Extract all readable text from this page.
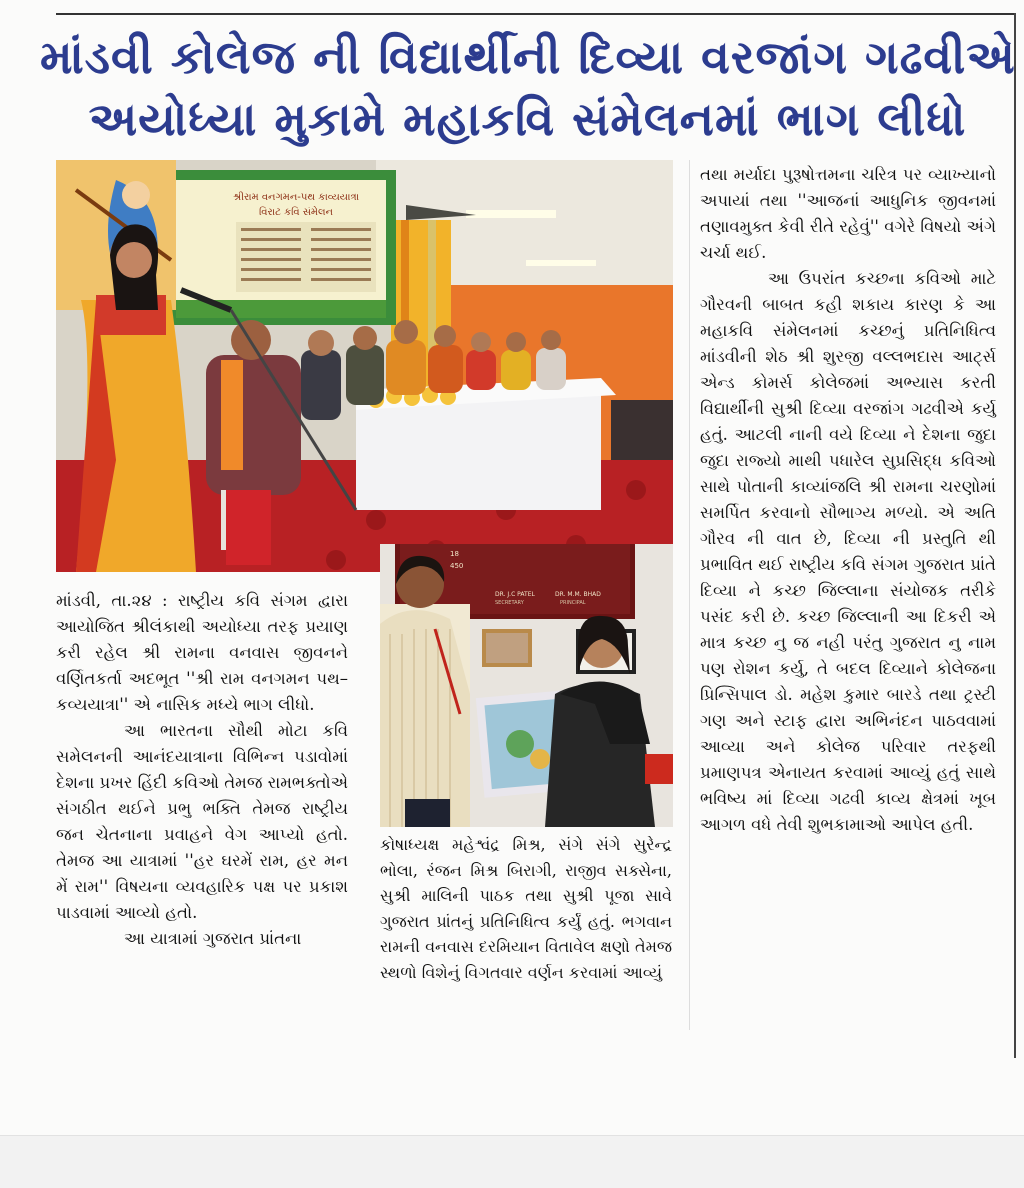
માંડવી કોલેજ ની વિદ્યાર્થીની દિવ્યા વરજાંગ ગઢવીએ
અયોધ્યા મુકામે મહાકવિ સંમેલનમાં ભાગ લીધો
શ્રીરામ વનગમન-પથ કાવ્યયાત્રા
વિરાટ કવિ સંમેલન
18
450
DR. J.C PATEL
SECRETARY
DR. M.M. BHAD
PRINCIPAL

માંડવી, તા.૨૪ : રાષ્ટ્રીય કવિ સંગમ દ્વારા આયોજિત શ્રીલંકાથી અયોધ્યા તરફ પ્રયાણ કરી રહેલ શ્રી રામના વનવાસ જીવનને વર્ણિતકર્તા અદભૂત ''શ્રી રામ વનગમન પથ–કવ્યયાત્રા'' એ નાસિક મધ્યે ભાગ લીધો.

આ ભારતના સૌથી મોટા કવિ સમેલનની આનંદયાત્રાના વિભિન્ન પડાવોમાં દેશના પ્રખર હિંદી કવિઓ તેમજ રામભક્તોએ સંગઠીત થઈને પ્રભુ ભક્તિ તેમજ રાષ્ટ્રીય જન ચેતનાના પ્રવાહને વેગ આપ્યો હતો. તેમજ આ યાત્રામાં ''હર ઘરમેં રામ, હર મન મેં રામ'' વિષયના વ્યવહારિક પક્ષ પર પ્રકાશ પાડવામાં આવ્યો હતો.

આ યાત્રામાં ગુજરાત પ્રાંતના

કોષાધ્યક્ષ મહેશ્વંદ્ર મિશ્ર, સંગે સંગે સુરેન્દ્ર ભોલા, રંજન મિશ્ર બિરાગી, રાજીવ સક્સેના, સુશ્રી માલિની પાઠક તથા સુશ્રી પૂજા સાવે ગુજરાત પ્રાંતનું પ્રતિનિધિત્વ કર્યું હતું. ભગવાન રામની વનવાસ દરમિયાન વિતાવેલ ક્ષણો તેમજ સ્થળો વિશેનું વિગતવાર વર્ણન કરવામાં આવ્યું

તથા મર્યાદા પુરૂષોત્તમના ચરિત્ર પર વ્યાખ્યાનો અપાયાં તથા ''આજનાં આધુનિક જીવનમાં તણાવમુક્ત કેવી રીતે રહેવું'' વગેરે વિષયો અંગે ચર્ચા થઈ.

આ ઉપરાંત કચ્છના કવિઓ માટે ગૌરવની બાબત કહી શકાય કારણ કે આ મહાકવિ સંમેલનમાં કચ્છનું પ્રતિનિધિત્વ માંડવીની શેઠ શ્રી શુરજી વલ્લભદાસ આર્ટ્સ એન્ડ કોમર્સ કોલેજમાં અભ્યાસ કરતી વિદ્યાર્થીની સુશ્રી દિવ્યા વરજાંગ ગઢવીએ કર્યુ હતું. આટલી નાની વયે દિવ્યા ને દેશના જુદા જુદા રાજ્યો માથી પધારેલ સુપ્રસિદ્ધ કવિઓ સાથે પોતાની કાવ્યાંજલિ શ્રી રામના ચરણોમાં સમર્પિત કરવાનો સૌભાગ્ય મળ્યો. એ અતિ ગૌરવ ની વાત છે, દિવ્યા ની પ્રસ્તુતિ થી પ્રભાવિત થઈ રાષ્ટ્રીય કવિ સંગમ ગુજરાત પ્રાંતે દિવ્યા ને કચ્છ જિલ્લાના સંયોજક તરીકે પસંદ કરી છે. કચ્છ જિલ્લાની આ દિકરી એ માત્ર કચ્છ નુ જ નહી પરંતુ ગુજરાત નુ નામ પણ રોશન કર્યુ, તે બદલ દિવ્યાને કોલેજના પ્રિન્સિપાલ ડો. મહેશ કુમાર બારડે તથા ટ્રસ્ટી ગણ અને સ્ટાફ દ્વારા અભિનંદન પાઠવવામાં આવ્યા અને કોલેજ પરિવાર તરફથી પ્રમાણપત્ર એનાયત કરવામાં આવ્યું હતું સાથે ભવિષ્ય માં દિવ્યા ગઢવી કાવ્ય ક્ષેત્રમાં ખૂબ આગળ વધે તેવી શુભકામાઓ આપેલ હતી.
